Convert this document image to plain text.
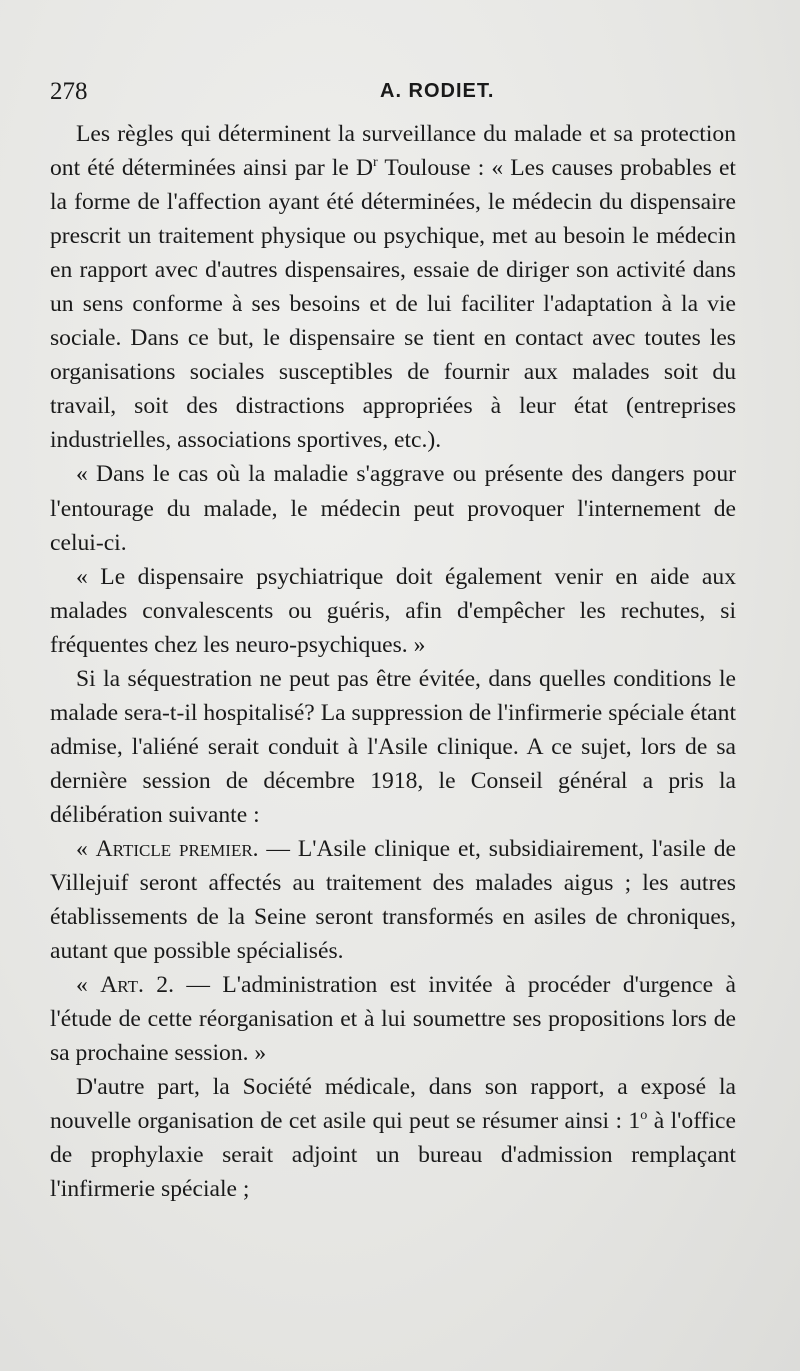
278	A. RODIET.

Les règles qui déterminent la surveillance du malade et sa protection ont été déterminées ainsi par le $D^r$ Toulouse : « Les causes probables et la forme de l'affection ayant été déterminées, le médecin du dispensaire prescrit un traitement physique ou psychique, met au besoin le médecin en rapport avec d'autres dispensaires, essaie de diriger son activité dans un sens conforme à ses besoins et de lui faciliter l'adaptation à la vie sociale. Dans ce but, le dispensaire se tient en contact avec toutes les organisations sociales susceptibles de fournir aux malades soit du travail, soit des distractions appropriées à leur état (entreprises industrielles, associations sportives, etc.).

« Dans le cas où la maladie s'aggrave ou présente des dangers pour l'entourage du malade, le médecin peut provoquer l'internement de celui-ci.

« Le dispensaire psychiatrique doit également venir en aide aux malades convalescents ou guéris, afin d'empêcher les rechutes, si fréquentes chez les neuro-psychiques. »

Si la séquestration ne peut pas être évitée, dans quelles conditions le malade sera-t-il hospitalisé? La suppression de l'infirmerie spéciale étant admise, l'aliéné serait conduit à l'Asile clinique. A ce sujet, lors de sa dernière session de décembre 1918, le Conseil général a pris la délibération suivante :

« Article premier. — L'Asile clinique et, subsidiairement, l'asile de Villejuif seront affectés au traitement des malades aigus ; les autres établissements de la Seine seront transformés en asiles de chroniques, autant que possible spécialisés.

« Art. 2. — L'administration est invitée à procéder d'urgence à l'étude de cette réorganisation et à lui soumettre ses propositions lors de sa prochaine session. »

D'autre part, la Société médicale, dans son rapport, a exposé la nouvelle organisation de cet asile qui peut se résumer ainsi : 1$^o$ à l'office de prophylaxie serait adjoint un bureau d'admission remplaçant l'infirmerie spéciale ;
